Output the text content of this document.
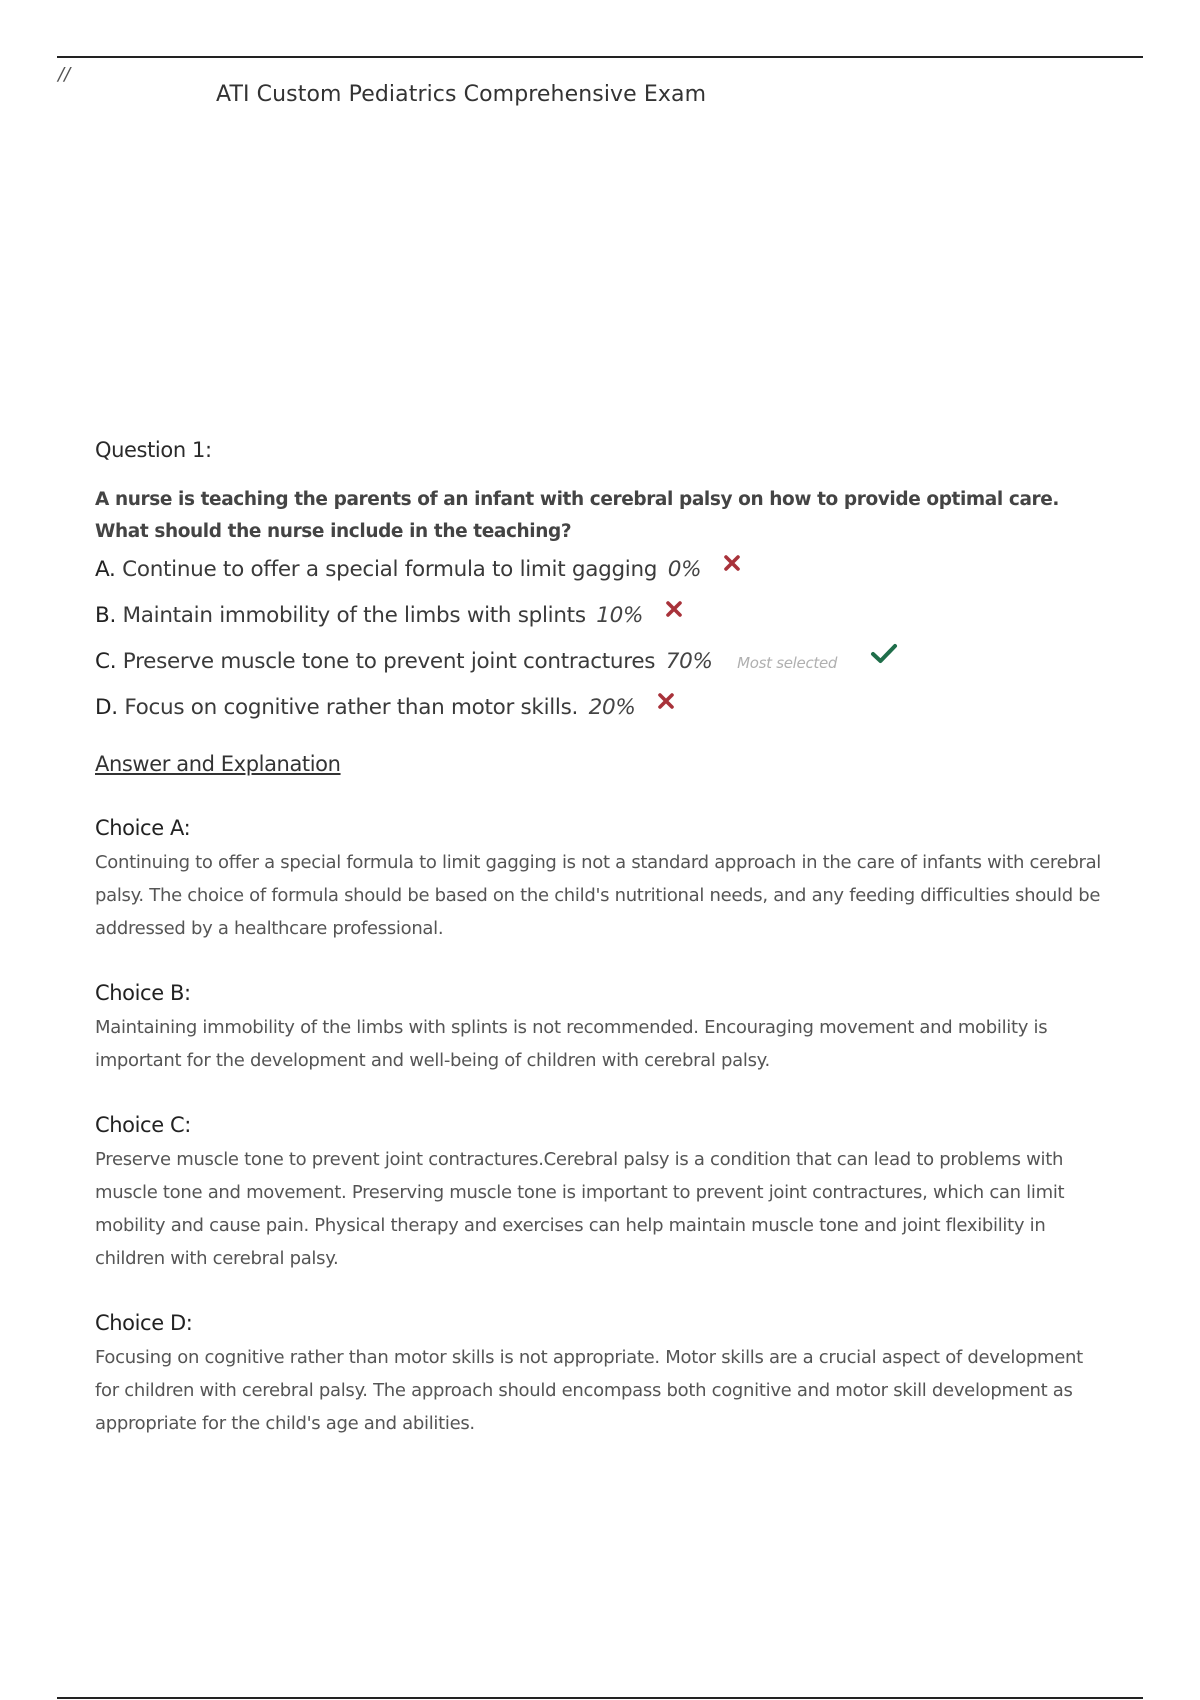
//
ATI Custom Pediatrics Comprehensive Exam
Question 1:

A nurse is teaching the parents of an infant with cerebral palsy on how to provide optimal care. What should the nurse include in the teaching?

A. Continue to offer a special formula to limit gagging 0%
B. Maintain immobility of the limbs with splints 10%
C. Preserve muscle tone to prevent joint contractures 70% Most selected
D. Focus on cognitive rather than motor skills. 20%
Answer and Explanation
Choice A:

Continuing to offer a special formula to limit gagging is not a standard approach in the care of infants with cerebral palsy. The choice of formula should be based on the child's nutritional needs, and any feeding difficulties should be addressed by a healthcare professional.

Choice B:

Maintaining immobility of the limbs with splints is not recommended. Encouraging movement and mobility is important for the development and well-being of children with cerebral palsy.

Choice C:

Preserve muscle tone to prevent joint contractures.Cerebral palsy is a condition that can lead to problems with muscle tone and movement. Preserving muscle tone is important to prevent joint contractures, which can limit mobility and cause pain. Physical therapy and exercises can help maintain muscle tone and joint flexibility in children with cerebral palsy.

Choice D:

Focusing on cognitive rather than motor skills is not appropriate. Motor skills are a crucial aspect of development for children with cerebral palsy. The approach should encompass both cognitive and motor skill development as appropriate for the child's age and abilities.
